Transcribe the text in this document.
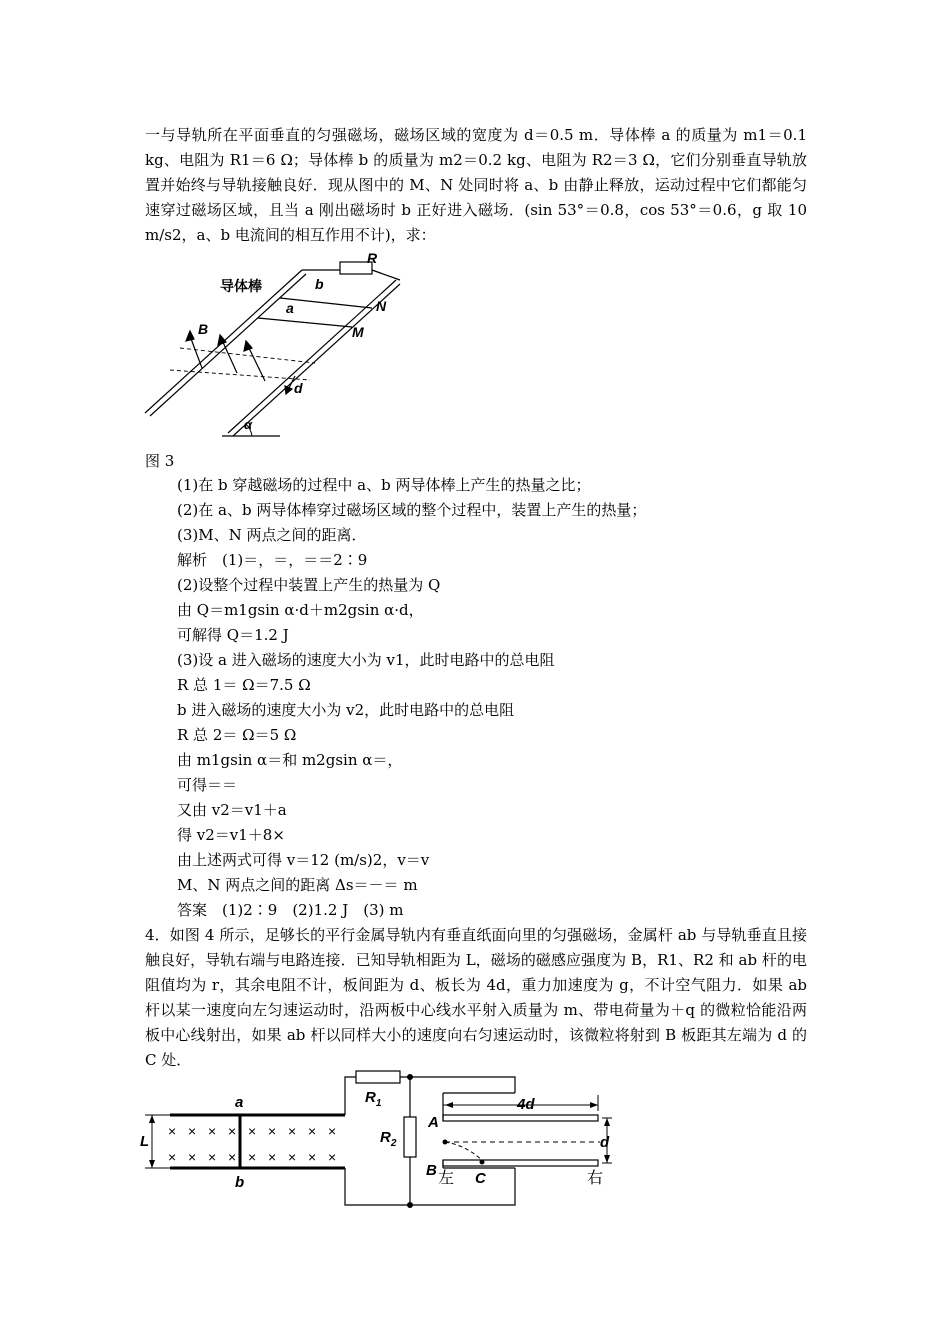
一与导轨所在平面垂直的匀强磁场，磁场区域的宽度为 d＝0.5 m．导体棒 a 的质量为 m1＝0.1 kg、电阻为 R1＝6 Ω；导体棒 b 的质量为 m2＝0.2 kg、电阻为 R2＝3 Ω，它们分别垂直导轨放置并始终与导轨接触良好．现从图中的 M、N 处同时将 a、b 由静止释放，运动过程中它们都能匀速穿过磁场区域，且当 a 刚出磁场时 b 正好进入磁场．(sin 53°＝0.8，cos 53°＝0.6，g 取 10 m/s2，a、b 电流间的相互作用不计)，求：

R
导体棒	b
a	N
M
B
d
α

图 3

(1)在 b 穿越磁场的过程中 a、b 两导体棒上产生的热量之比；

(2)在 a、b 两导体棒穿过磁场区域的整个过程中，装置上产生的热量；

(3)M、N 两点之间的距离．

解析　(1)＝，＝，＝＝2∶9

(2)设整个过程中装置上产生的热量为 Q

由 Q＝m1gsin α·d＋m2gsin α·d，

可解得 Q＝1.2 J

(3)设 a 进入磁场的速度大小为 v1，此时电路中的总电阻

R 总 1＝ Ω＝7.5 Ω

b 进入磁场的速度大小为 v2，此时电路中的总电阻

R 总 2＝ Ω＝5 Ω

由 m1gsin α＝和 m2gsin α＝，

可得＝＝

又由 v2＝v1＋a

得 v2＝v1＋8×

由上述两式可得 v＝12 (m/s)2，v＝v

M、N 两点之间的距离 Δs＝－＝ m

答案　(1)2∶9　(2)1.2 J　(3) m

4．如图 4 所示，足够长的平行金属导轨内有垂直纸面向里的匀强磁场，金属杆 ab 与导轨垂直且接触良好，导轨右端与电路连接．已知导轨相距为 L，磁场的磁感应强度为 B，R1、R2 和 ab 杆的电阻值均为 r，其余电阻不计，板间距为 d、板长为 4d，重力加速度为 g，不计空气阻力．如果 ab 杆以某一速度向左匀速运动时，沿两板中心线水平射入质量为 m、带电荷量为＋q 的微粒恰能沿两板中心线射出，如果 ab 杆以同样大小的速度向右匀速运动时，该微粒将射到 B 板距其左端为 d 的 C 处．

× × × × × × × × ×
× × × × × × × × ×
a
b
L
$R_1$
$R_2$
A
B	C
4d
d
左	右
